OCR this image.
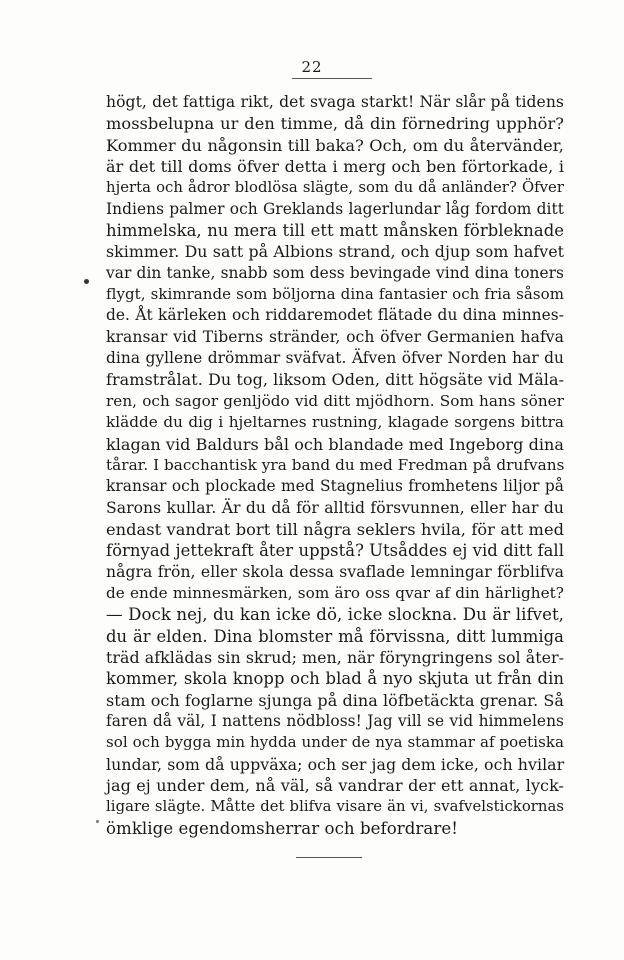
22
högt, det fattiga rikt, det svaga starkt! När slår på tidens
mossbelupna ur den timme, då din förnedring upphör?
Kommer du någonsin till baka? Och, om du återvänder,
är det till doms öfver detta i merg och ben förtorkade, i
hjerta och ådror blodlösa slägte, som du då anländer? Öfver
Indiens palmer och Greklands lagerlundar låg fordom ditt
himmelska, nu mera till ett matt månsken förbleknade
skimmer. Du satt på Albions strand, och djup som hafvet
var din tanke, snabb som dess bevingade vind dina toners
flygt, skimrande som böljorna dina fantasier och fria såsom
de. Åt kärleken och riddaremodet flätade du dina minnes-
kransar vid Tiberns stränder, och öfver Germanien hafva
dina gyllene drömmar sväfvat. Äfven öfver Norden har du
framstrålat. Du tog, liksom Oden, ditt högsäte vid Mäla-
ren, och sagor genljödo vid ditt mjödhorn. Som hans söner
klädde du dig i hjeltarnes rustning, klagade sorgens bittra
klagan vid Baldurs bål och blandade med Ingeborg dina
tårar. I bacchantisk yra band du med Fredman på drufvans
kransar och plockade med Stagnelius fromhetens liljor på
Sarons kullar. Är du då för alltid försvunnen, eller har du
endast vandrat bort till några seklers hvila, för att med
förnyad jettekraft åter uppstå? Utsåddes ej vid ditt fall
några frön, eller skola dessa svaflade lemningar förblifva
de ende minnesmärken, som äro oss qvar af din härlighet?
— Dock nej, du kan icke dö, icke slockna. Du är lifvet,
du är elden. Dina blomster må förvissna, ditt lummiga
träd afklädas sin skrud; men, när föryngringens sol åter-
kommer, skola knopp och blad å nyo skjuta ut från din
stam och foglarne sjunga på dina löfbetäckta grenar. Så
faren då väl, I nattens nödbloss! Jag vill se vid himmelens
sol och bygga min hydda under de nya stammar af poetiska
lundar, som då uppväxa; och ser jag dem icke, och hvilar
jag ej under dem, nå väl, så vandrar der ett annat, lyck-
ligare slägte. Måtte det blifva visare än vi, svafvelstickornas
ömklige egendomsherrar och befordrare!
